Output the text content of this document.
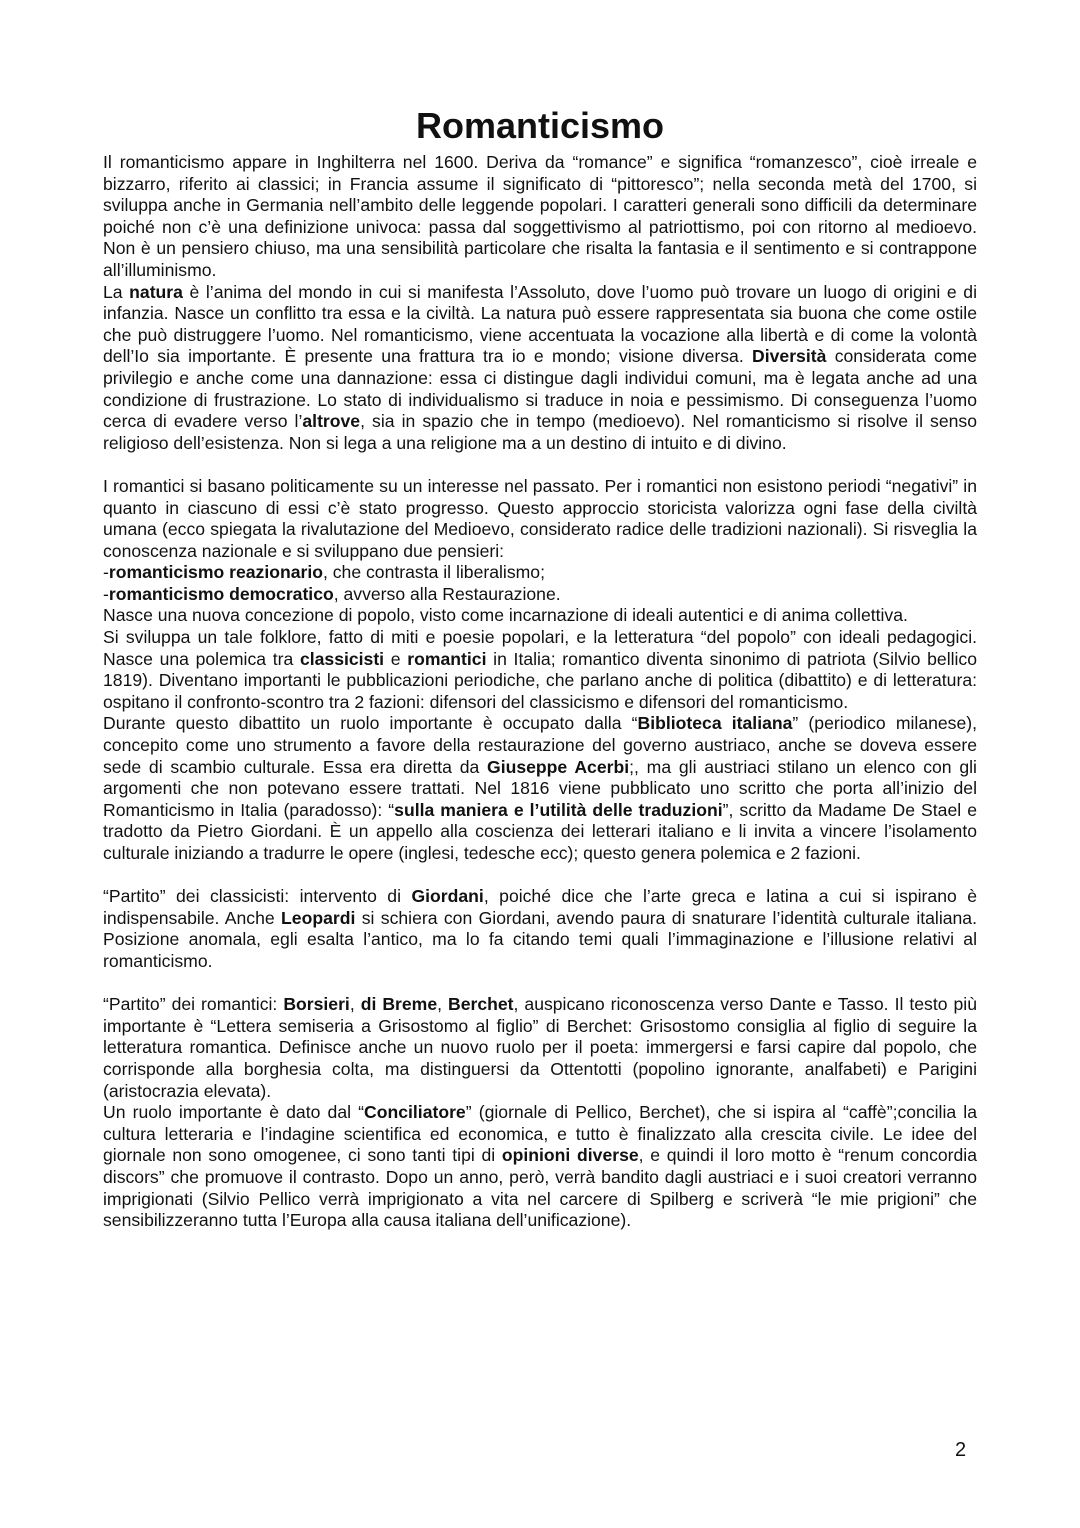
Romanticismo

Il romanticismo appare in Inghilterra nel 1600. Deriva da “romance” e significa “romanzesco”, cioè irreale e bizzarro, riferito ai classici; in Francia assume il significato di “pittoresco”; nella seconda metà del 1700, si sviluppa anche in Germania nell’ambito delle leggende popolari. I caratteri generali sono difficili da determinare poiché non c’è una definizione univoca: passa dal soggettivismo al patriottismo, poi con ritorno al medioevo. Non è un pensiero chiuso, ma una sensibilità particolare che risalta la fantasia e il sentimento e si contrappone all’illuminismo.

La natura è l’anima del mondo in cui si manifesta l’Assoluto, dove l’uomo può trovare un luogo di origini e di infanzia. Nasce un conflitto tra essa e la civiltà. La natura può essere rappresentata sia buona che come ostile che può distruggere l’uomo. Nel romanticismo, viene accentuata la vocazione alla libertà e di come la volontà dell’Io sia importante. È presente una frattura tra io e mondo; visione diversa. Diversità considerata come privilegio e anche come una dannazione: essa ci distingue dagli individui comuni, ma è legata anche ad una condizione di frustrazione. Lo stato di individualismo si traduce in noia e pessimismo. Di conseguenza l’uomo cerca di evadere verso l’altrove, sia in spazio che in tempo (medioevo). Nel romanticismo si risolve il senso religioso dell’esistenza. Non si lega a una religione ma a un destino di intuito e di divino.

I romantici si basano politicamente su un interesse nel passato. Per i romantici non esistono periodi “negativi” in quanto in ciascuno di essi c’è stato progresso. Questo approccio storicista valorizza ogni fase della civiltà umana (ecco spiegata la rivalutazione del Medioevo, considerato radice delle tradizioni nazionali). Si risveglia la conoscenza nazionale e si sviluppano due pensieri:

-romanticismo reazionario, che contrasta il liberalismo;

-romanticismo democratico, avverso alla Restaurazione.

Nasce una nuova concezione di popolo, visto come incarnazione di ideali autentici e di anima collettiva.

Si sviluppa un tale folklore, fatto di miti e poesie popolari, e la letteratura “del popolo” con ideali pedagogici. Nasce una polemica tra classicisti e romantici in Italia; romantico diventa sinonimo di patriota (Silvio bellico 1819). Diventano importanti le pubblicazioni periodiche, che parlano anche di politica (dibattito) e di letteratura: ospitano il confronto-scontro tra 2 fazioni: difensori del classicismo e difensori del romanticismo.

Durante questo dibattito un ruolo importante è occupato dalla “Biblioteca italiana” (periodico milanese), concepito come uno strumento a favore della restaurazione del governo austriaco, anche se doveva essere sede di scambio culturale. Essa era diretta da Giuseppe Acerbi;, ma gli austriaci stilano un elenco con gli argomenti che non potevano essere trattati. Nel 1816 viene pubblicato uno scritto che porta all’inizio del Romanticismo in Italia (paradosso): “sulla maniera e l’utilità delle traduzioni”, scritto da Madame De Stael e tradotto da Pietro Giordani. È un appello alla coscienza dei letterari italiano e li invita a vincere l’isolamento culturale iniziando a tradurre le opere (inglesi, tedesche ecc); questo genera polemica e 2 fazioni.

“Partito” dei classicisti: intervento di Giordani, poiché dice che l’arte greca e latina a cui si ispirano è indispensabile. Anche Leopardi si schiera con Giordani, avendo paura di snaturare l’identità culturale italiana. Posizione anomala, egli esalta l’antico, ma lo fa citando temi quali l’immaginazione e l’illusione relativi al romanticismo.

“Partito” dei romantici: Borsieri, di Breme, Berchet, auspicano riconoscenza verso Dante e Tasso. Il testo più importante è “Lettera semiseria a Grisostomo al figlio” di Berchet: Grisostomo consiglia al figlio di seguire la letteratura romantica. Definisce anche un nuovo ruolo per il poeta: immergersi e farsi capire dal popolo, che corrisponde alla borghesia colta, ma distinguersi da Ottentotti (popolino ignorante, analfabeti) e Parigini (aristocrazia elevata).

Un ruolo importante è dato dal “Conciliatore” (giornale di Pellico, Berchet), che si ispira al “caffè”;concilia la cultura letteraria e l’indagine scientifica ed economica, e tutto è finalizzato alla crescita civile. Le idee del giornale non sono omogenee, ci sono tanti tipi di opinioni diverse, e quindi il loro motto è “renum concordia discors” che promuove il contrasto. Dopo un anno, però, verrà bandito dagli austriaci e i suoi creatori verranno imprigionati (Silvio Pellico verrà imprigionato a vita nel carcere di Spilberg e scriverà “le mie prigioni” che sensibilizzeranno tutta l’Europa alla causa italiana dell’unificazione).

2
